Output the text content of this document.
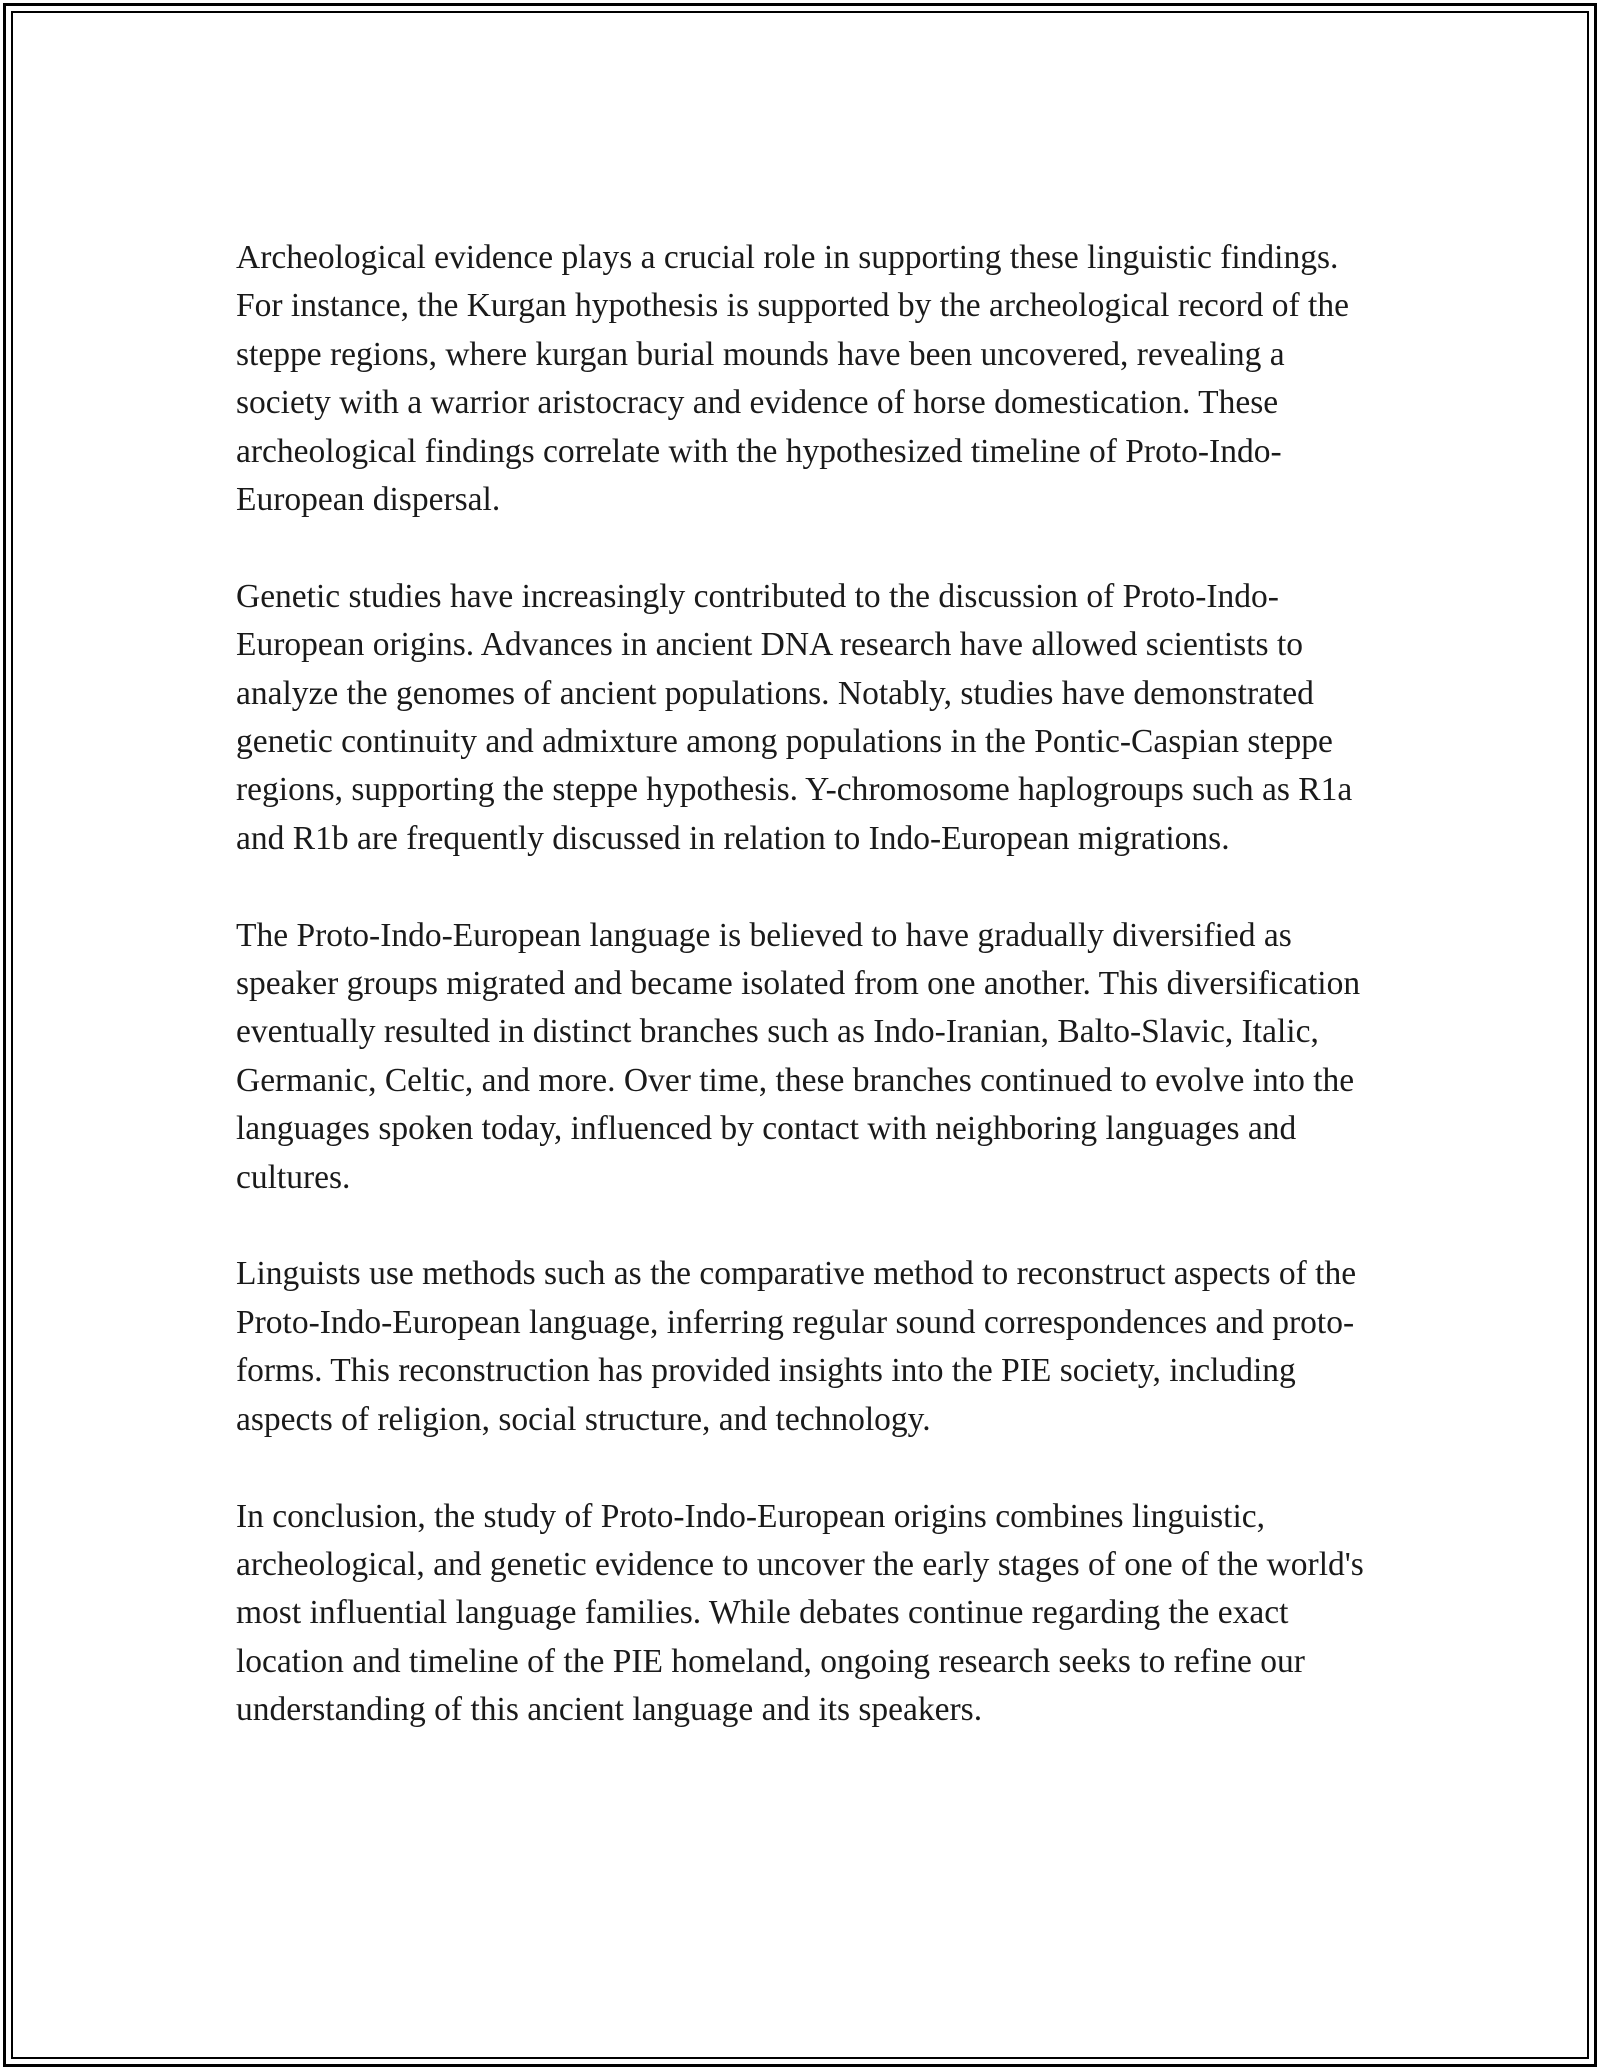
Archeological evidence plays a crucial role in supporting these linguistic findings. For instance, the Kurgan hypothesis is supported by the archeological record of the steppe regions, where kurgan burial mounds have been uncovered, revealing a society with a warrior aristocracy and evidence of horse domestication. These archeological findings correlate with the hypothesized timeline of Proto-Indo-European dispersal.

Genetic studies have increasingly contributed to the discussion of Proto-Indo-European origins. Advances in ancient DNA research have allowed scientists to analyze the genomes of ancient populations. Notably, studies have demonstrated genetic continuity and admixture among populations in the Pontic-Caspian steppe regions, supporting the steppe hypothesis. Y-chromosome haplogroups such as R1a and R1b are frequently discussed in relation to Indo-European migrations.

The Proto-Indo-European language is believed to have gradually diversified as speaker groups migrated and became isolated from one another. This diversification eventually resulted in distinct branches such as Indo-Iranian, Balto-Slavic, Italic, Germanic, Celtic, and more. Over time, these branches continued to evolve into the languages spoken today, influenced by contact with neighboring languages and cultures.

Linguists use methods such as the comparative method to reconstruct aspects of the Proto-Indo-European language, inferring regular sound correspondences and proto-forms. This reconstruction has provided insights into the PIE society, including aspects of religion, social structure, and technology.

In conclusion, the study of Proto-Indo-European origins combines linguistic, archeological, and genetic evidence to uncover the early stages of one of the world's most influential language families. While debates continue regarding the exact location and timeline of the PIE homeland, ongoing research seeks to refine our understanding of this ancient language and its speakers.
